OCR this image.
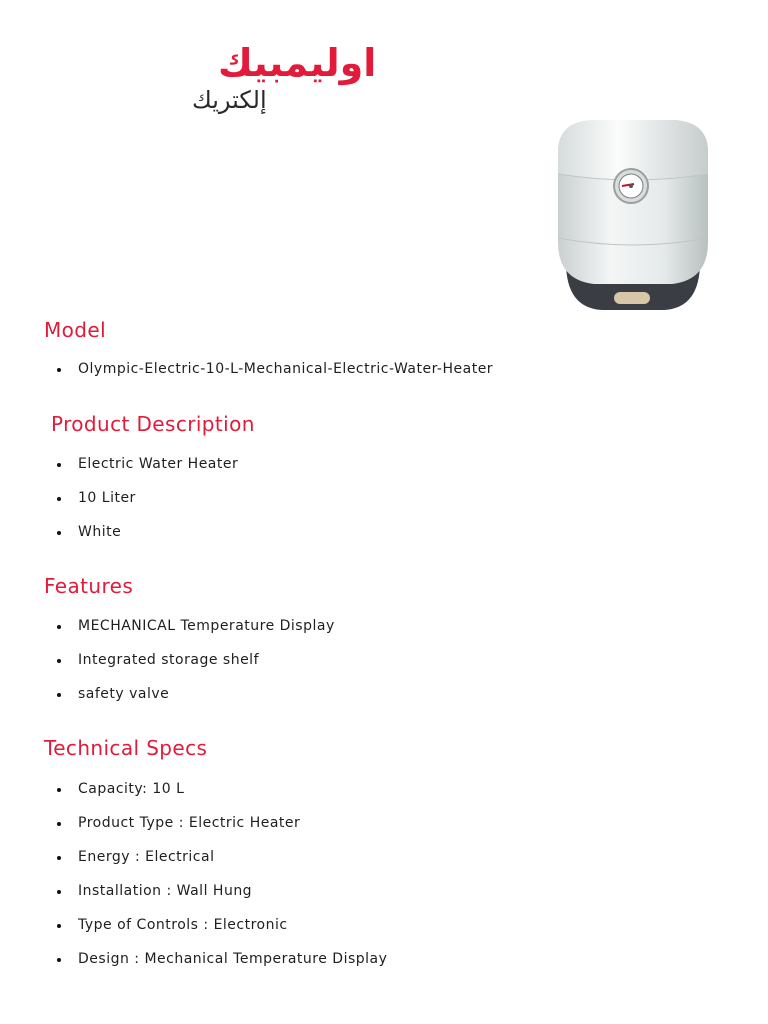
اوليمبيك
إلكتريك
Model
Olympic-Electric-10-L-Mechanical-Electric-Water-Heater
Product Description
Electric Water Heater
10 Liter
White
Features
MECHANICAL Temperature Display
Integrated storage shelf
safety valve
Technical Specs
Capacity: 10 L
Product Type : Electric Heater
Energy : Electrical
Installation : Wall Hung
Type of Controls : Electronic
Design : Mechanical Temperature Display
